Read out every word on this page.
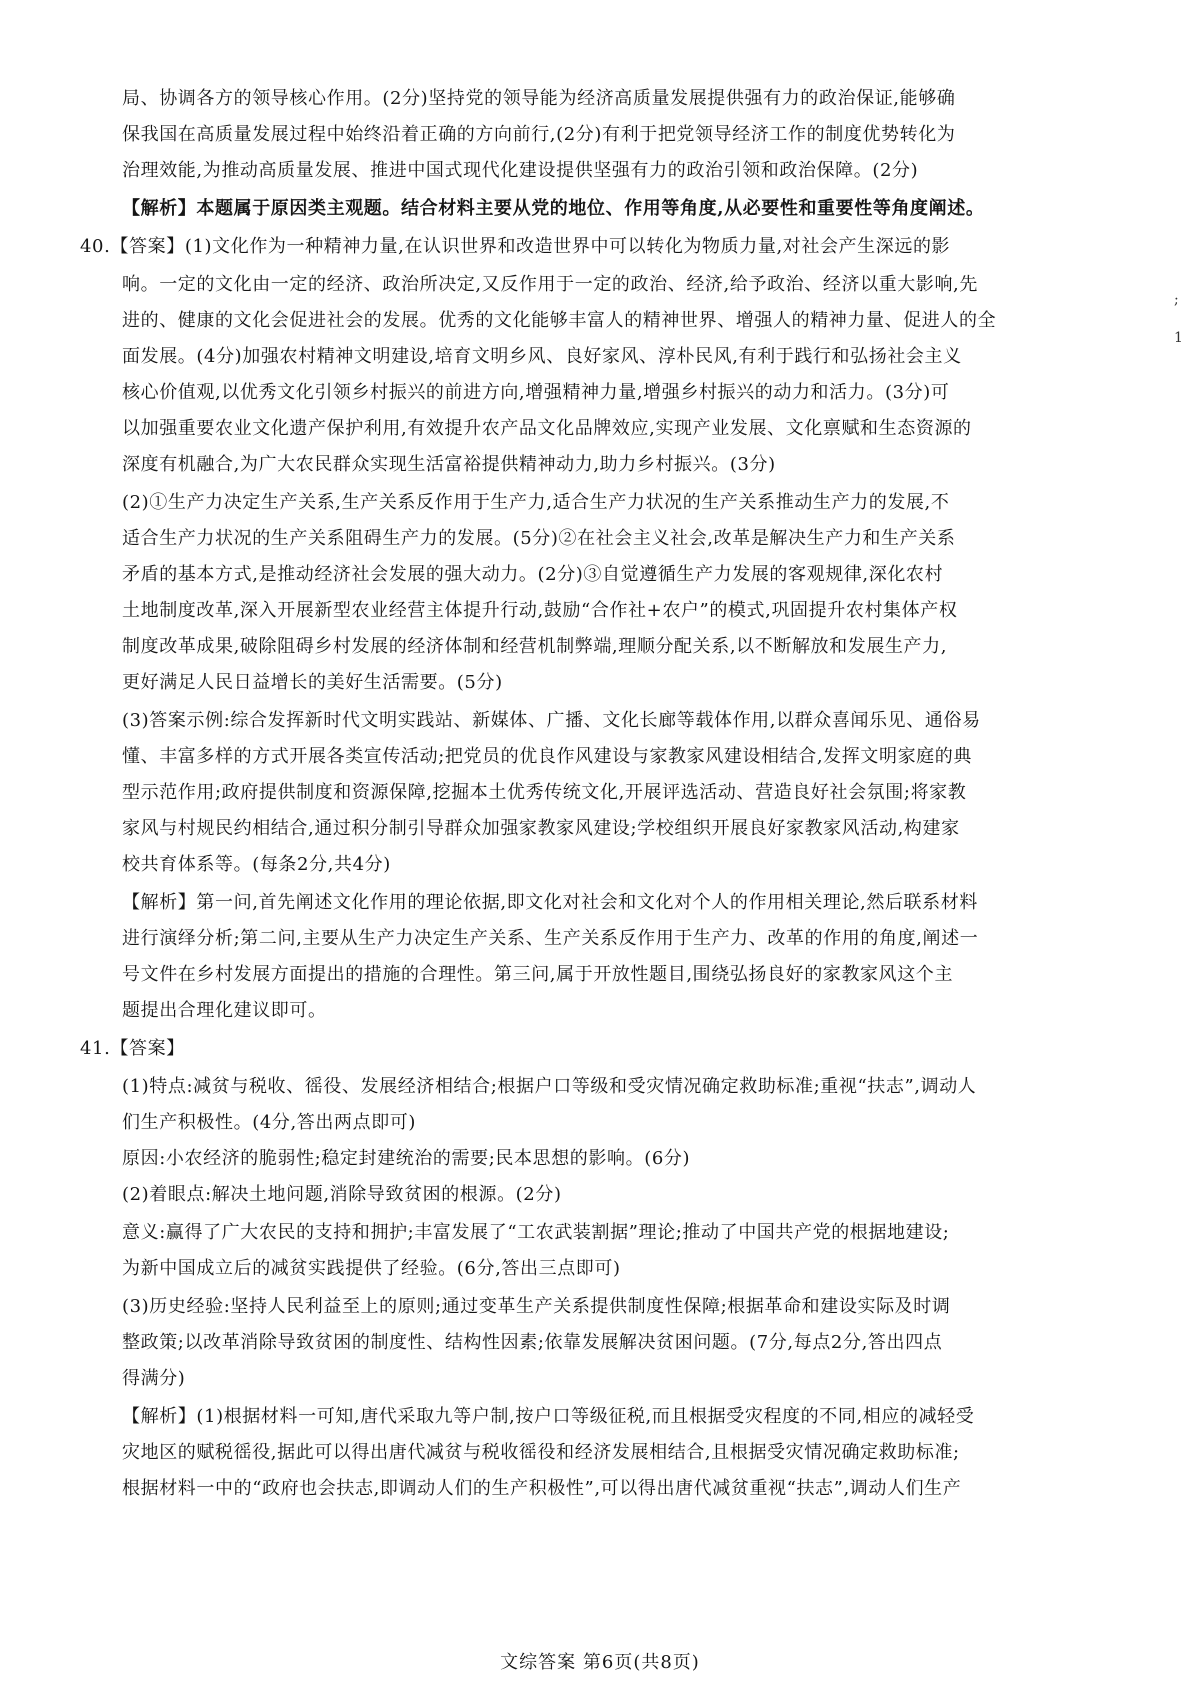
局、协调各方的领导核心作用。(2分)坚持党的领导能为经济高质量发展提供强有力的政治保证,能够确
保我国在高质量发展过程中始终沿着正确的方向前行,(2分)有利于把党领导经济工作的制度优势转化为
治理效能,为推动高质量发展、推进中国式现代化建设提供坚强有力的政治引领和政治保障。(2分)
【解析】本题属于原因类主观题。结合材料主要从党的地位、作用等角度,从必要性和重要性等角度阐述。
40.【答案】(1)文化作为一种精神力量,在认识世界和改造世界中可以转化为物质力量,对社会产生深远的影
响。一定的文化由一定的经济、政治所决定,又反作用于一定的政治、经济,给予政治、经济以重大影响,先
进的、健康的文化会促进社会的发展。优秀的文化能够丰富人的精神世界、增强人的精神力量、促进人的全
面发展。(4分)加强农村精神文明建设,培育文明乡风、良好家风、淳朴民风,有利于践行和弘扬社会主义
核心价值观,以优秀文化引领乡村振兴的前进方向,增强精神力量,增强乡村振兴的动力和活力。(3分)可
以加强重要农业文化遗产保护利用,有效提升农产品文化品牌效应,实现产业发展、文化禀赋和生态资源的
深度有机融合,为广大农民群众实现生活富裕提供精神动力,助力乡村振兴。(3分)
(2)①生产力决定生产关系,生产关系反作用于生产力,适合生产力状况的生产关系推动生产力的发展,不
适合生产力状况的生产关系阻碍生产力的发展。(5分)②在社会主义社会,改革是解决生产力和生产关系
矛盾的基本方式,是推动经济社会发展的强大动力。(2分)③自觉遵循生产力发展的客观规律,深化农村
土地制度改革,深入开展新型农业经营主体提升行动,鼓励“合作社+农户”的模式,巩固提升农村集体产权
制度改革成果,破除阻碍乡村发展的经济体制和经营机制弊端,理顺分配关系,以不断解放和发展生产力,
更好满足人民日益增长的美好生活需要。(5分)
(3)答案示例:综合发挥新时代文明实践站、新媒体、广播、文化长廊等载体作用,以群众喜闻乐见、通俗易
懂、丰富多样的方式开展各类宣传活动;把党员的优良作风建设与家教家风建设相结合,发挥文明家庭的典
型示范作用;政府提供制度和资源保障,挖掘本土优秀传统文化,开展评选活动、营造良好社会氛围;将家教
家风与村规民约相结合,通过积分制引导群众加强家教家风建设;学校组织开展良好家教家风活动,构建家
校共育体系等。(每条2分,共4分)
【解析】第一问,首先阐述文化作用的理论依据,即文化对社会和文化对个人的作用相关理论,然后联系材料
进行演绎分析;第二问,主要从生产力决定生产关系、生产关系反作用于生产力、改革的作用的角度,阐述一
号文件在乡村发展方面提出的措施的合理性。第三问,属于开放性题目,围绕弘扬良好的家教家风这个主
题提出合理化建议即可。
41.【答案】
(1)特点:减贫与税收、徭役、发展经济相结合;根据户口等级和受灾情况确定救助标准;重视“扶志”,调动人
们生产积极性。(4分,答出两点即可)
原因:小农经济的脆弱性;稳定封建统治的需要;民本思想的影响。(6分)
(2)着眼点:解决土地问题,消除导致贫困的根源。(2分)
意义:赢得了广大农民的支持和拥护;丰富发展了“工农武装割据”理论;推动了中国共产党的根据地建设;
为新中国成立后的减贫实践提供了经验。(6分,答出三点即可)
(3)历史经验:坚持人民利益至上的原则;通过变革生产关系提供制度性保障;根据革命和建设实际及时调
整政策;以改革消除导致贫困的制度性、结构性因素;依靠发展解决贫困问题。(7分,每点2分,答出四点
得满分)
【解析】(1)根据材料一可知,唐代采取九等户制,按户口等级征税,而且根据受灾程度的不同,相应的减轻受
灾地区的赋税徭役,据此可以得出唐代减贫与税收徭役和经济发展相结合,且根据受灾情况确定救助标准;
根据材料一中的“政府也会扶志,即调动人们的生产积极性”,可以得出唐代减贫重视“扶志”,调动人们生产
;
1
文综答案 第6页(共8页)
